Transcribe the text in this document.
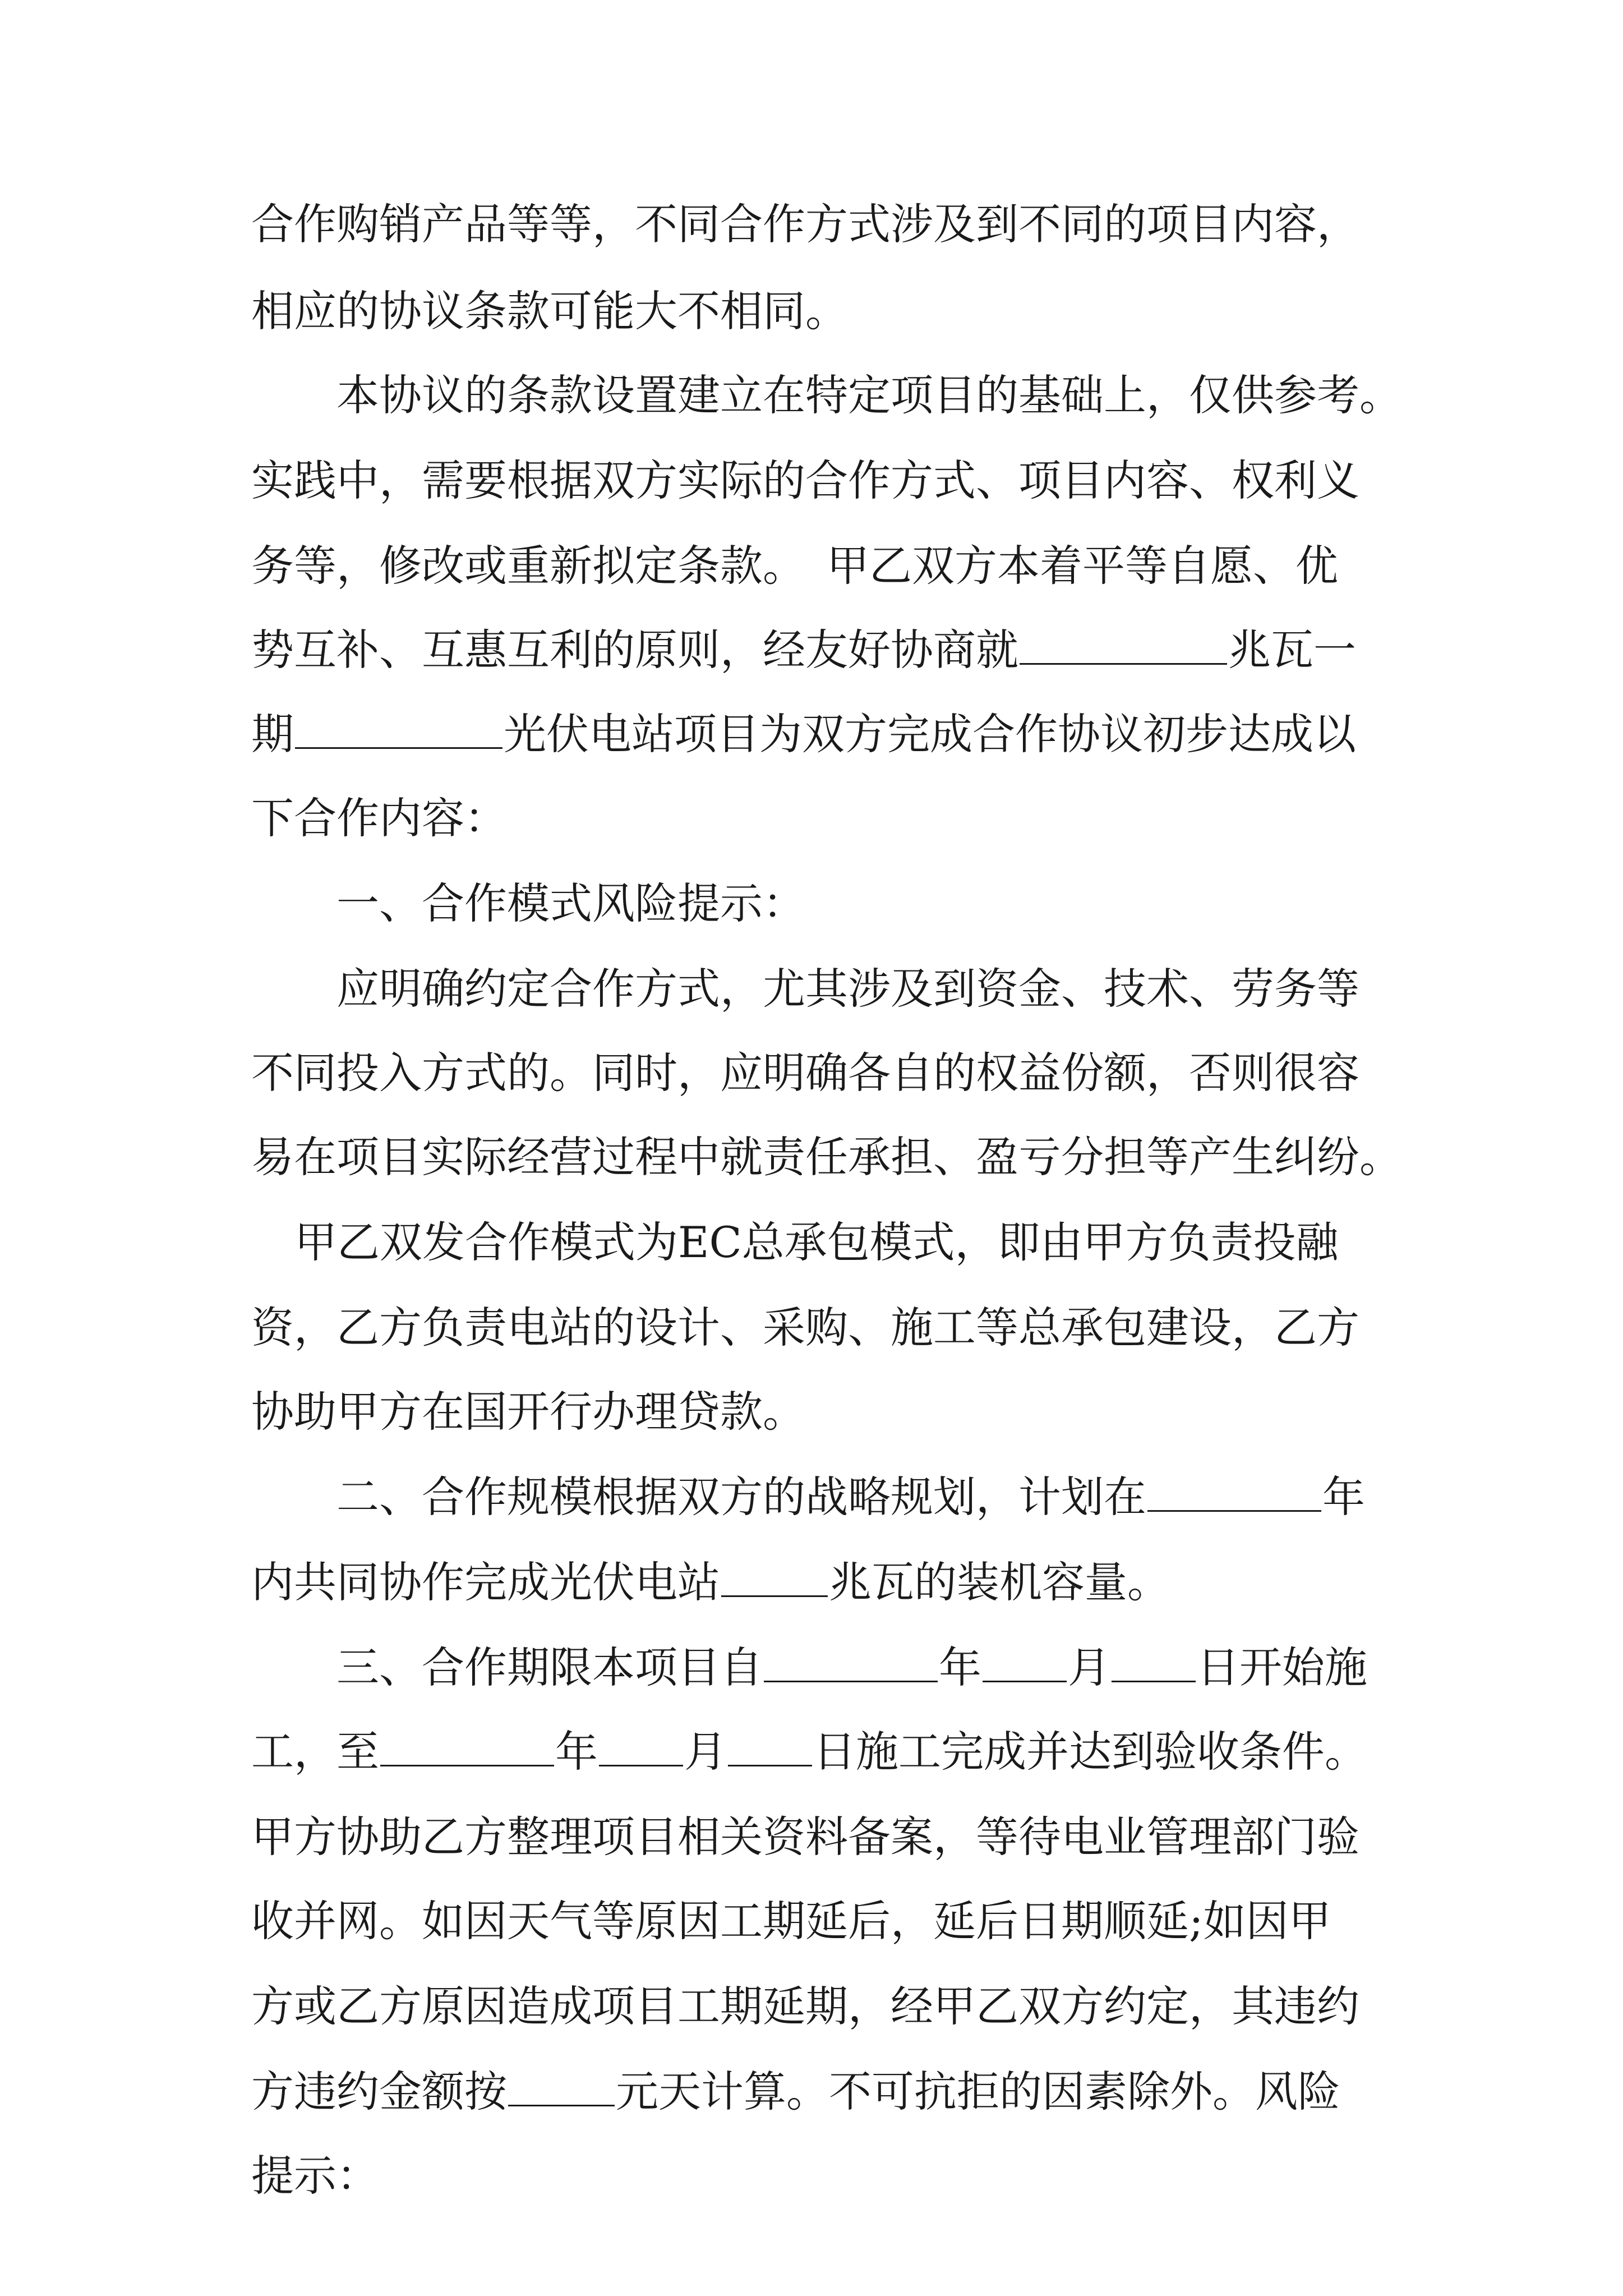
合作购销产品等等，不同合作方式涉及到不同的项目内容，
相应的协议条款可能大不相同。
本协议的条款设置建立在特定项目的基础上，仅供参考。
实践中，需要根据双方实际的合作方式、项目内容、权利义
务等，修改或重新拟定条款。　甲乙双方本着平等自愿、优
势互补、互惠互利的原则，经友好协商就	兆瓦一
期	光伏电站项目为双方完成合作协议初步达成以
下合作内容：
一、合作模式风险提示：
应明确约定合作方式，尤其涉及到资金、技术、劳务等
不同投入方式的。同时，应明确各自的权益份额，否则很容
易在项目实际经营过程中就责任承担、盈亏分担等产生纠纷。
甲乙双发合作模式为EC总承包模式，即由甲方负责投融
资，乙方负责电站的设计、采购、施工等总承包建设，乙方
协助甲方在国开行办理贷款。
二、合作规模根据双方的战略规划，计划在	年
内共同协作完成光伏电站	兆瓦的装机容量。
三、合作期限本项目自	年 月 日开始施
工，至	年 月 日施工完成并达到验收条件。
甲方协助乙方整理项目相关资料备案，等待电业管理部门验
收并网。如因天气等原因工期延后，延后日期顺延;如因甲
方或乙方原因造成项目工期延期，经甲乙双方约定，其违约
方违约金额按	元天计算。不可抗拒的因素除外。风险
提示：
